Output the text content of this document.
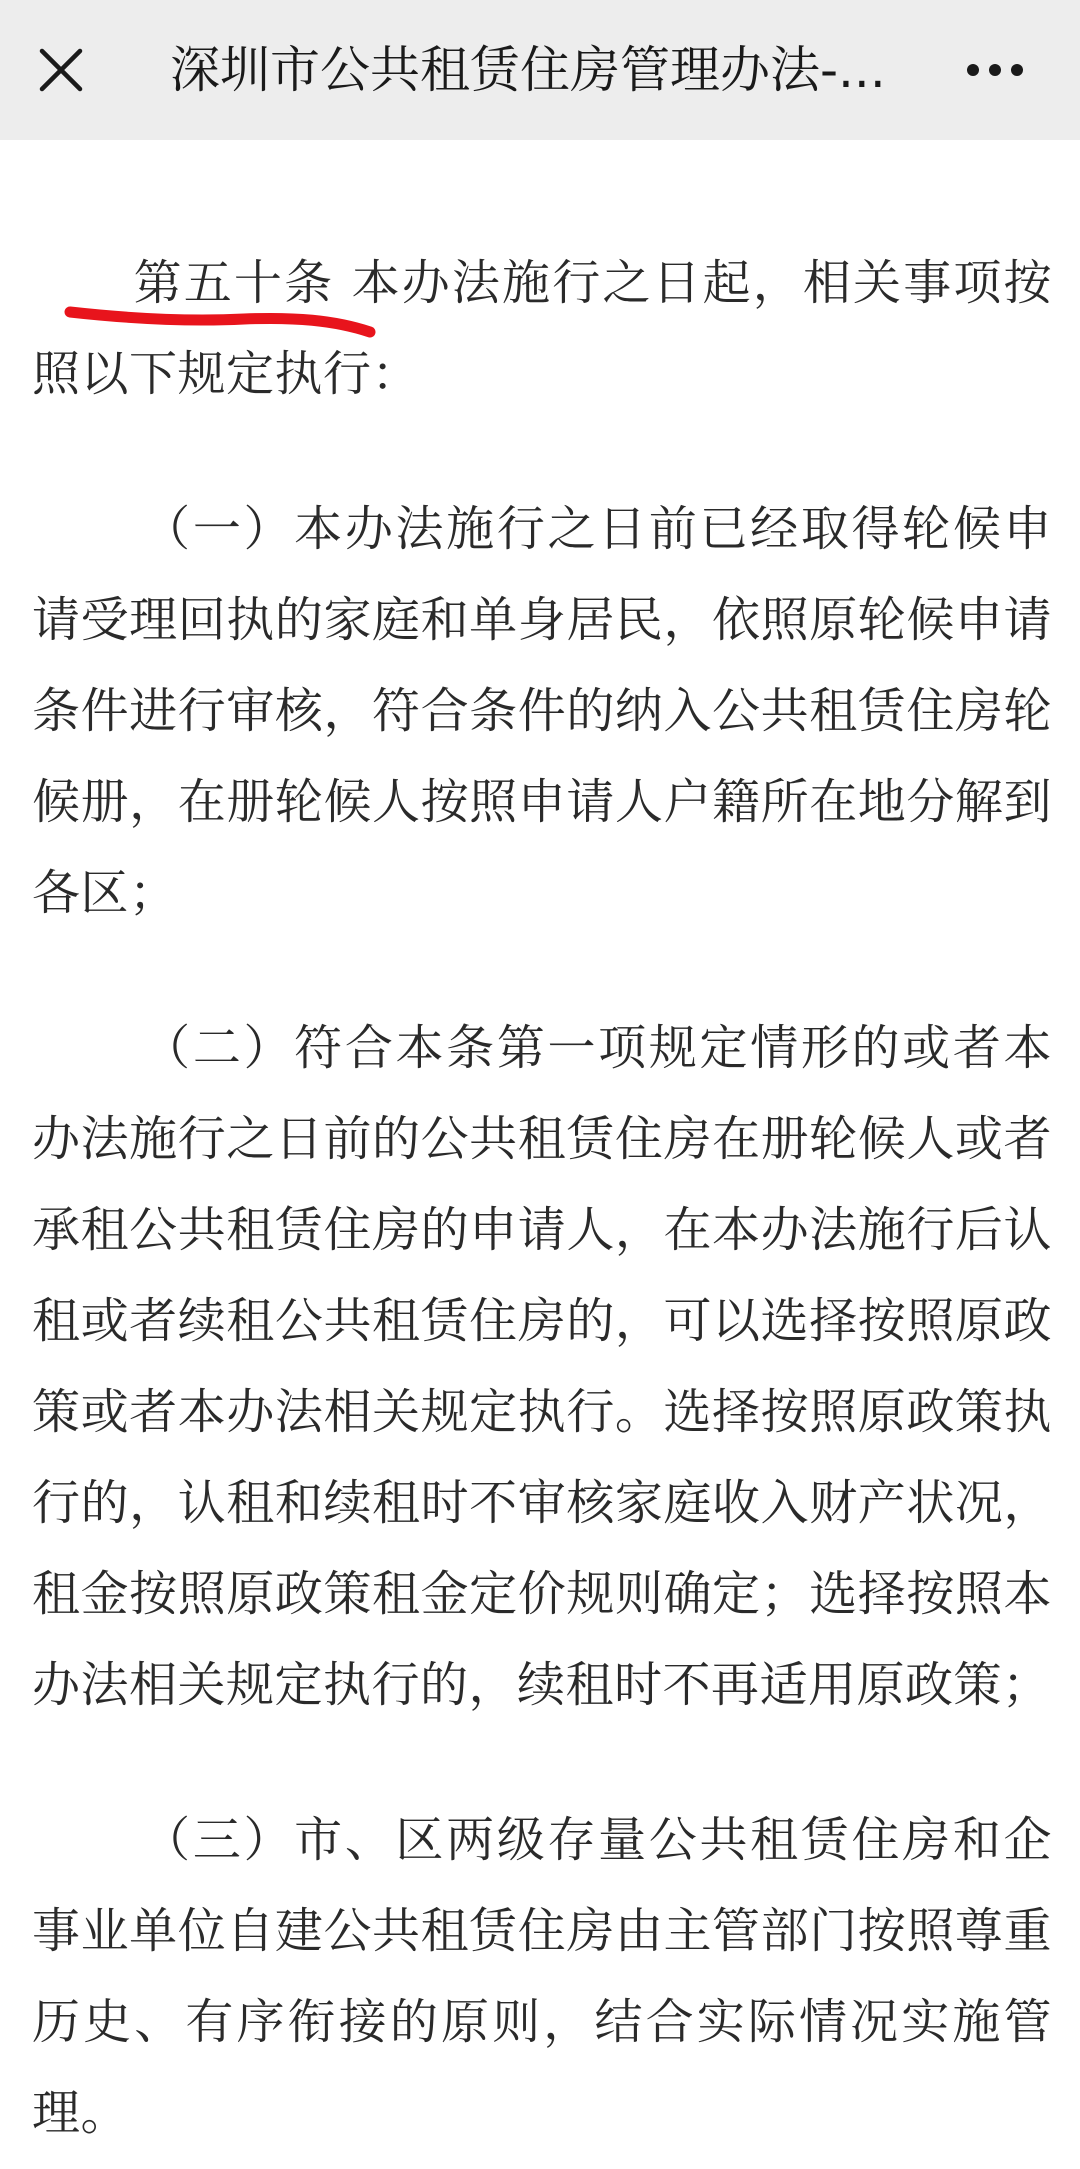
深圳市公共租赁住房管理办法-...

第五十条 本办法施行之日起，相关事项按照以下规定执行：

（一）本办法施行之日前已经取得轮候申请受理回执的家庭和单身居民，依照原轮候申请条件进行审核，符合条件的纳入公共租赁住房轮候册，在册轮候人按照申请人户籍所在地分解到各区；

（二）符合本条第一项规定情形的或者本办法施行之日前的公共租赁住房在册轮候人或者承租公共租赁住房的申请人，在本办法施行后认租或者续租公共租赁住房的，可以选择按照原政策或者本办法相关规定执行。选择按照原政策执行的，认租和续租时不审核家庭收入财产状况，租金按照原政策租金定价规则确定；选择按照本办法相关规定执行的，续租时不再适用原政策；

（三）市、区两级存量公共租赁住房和企事业单位自建公共租赁住房由主管部门按照尊重历史、有序衔接的原则，结合实际情况实施管理。
